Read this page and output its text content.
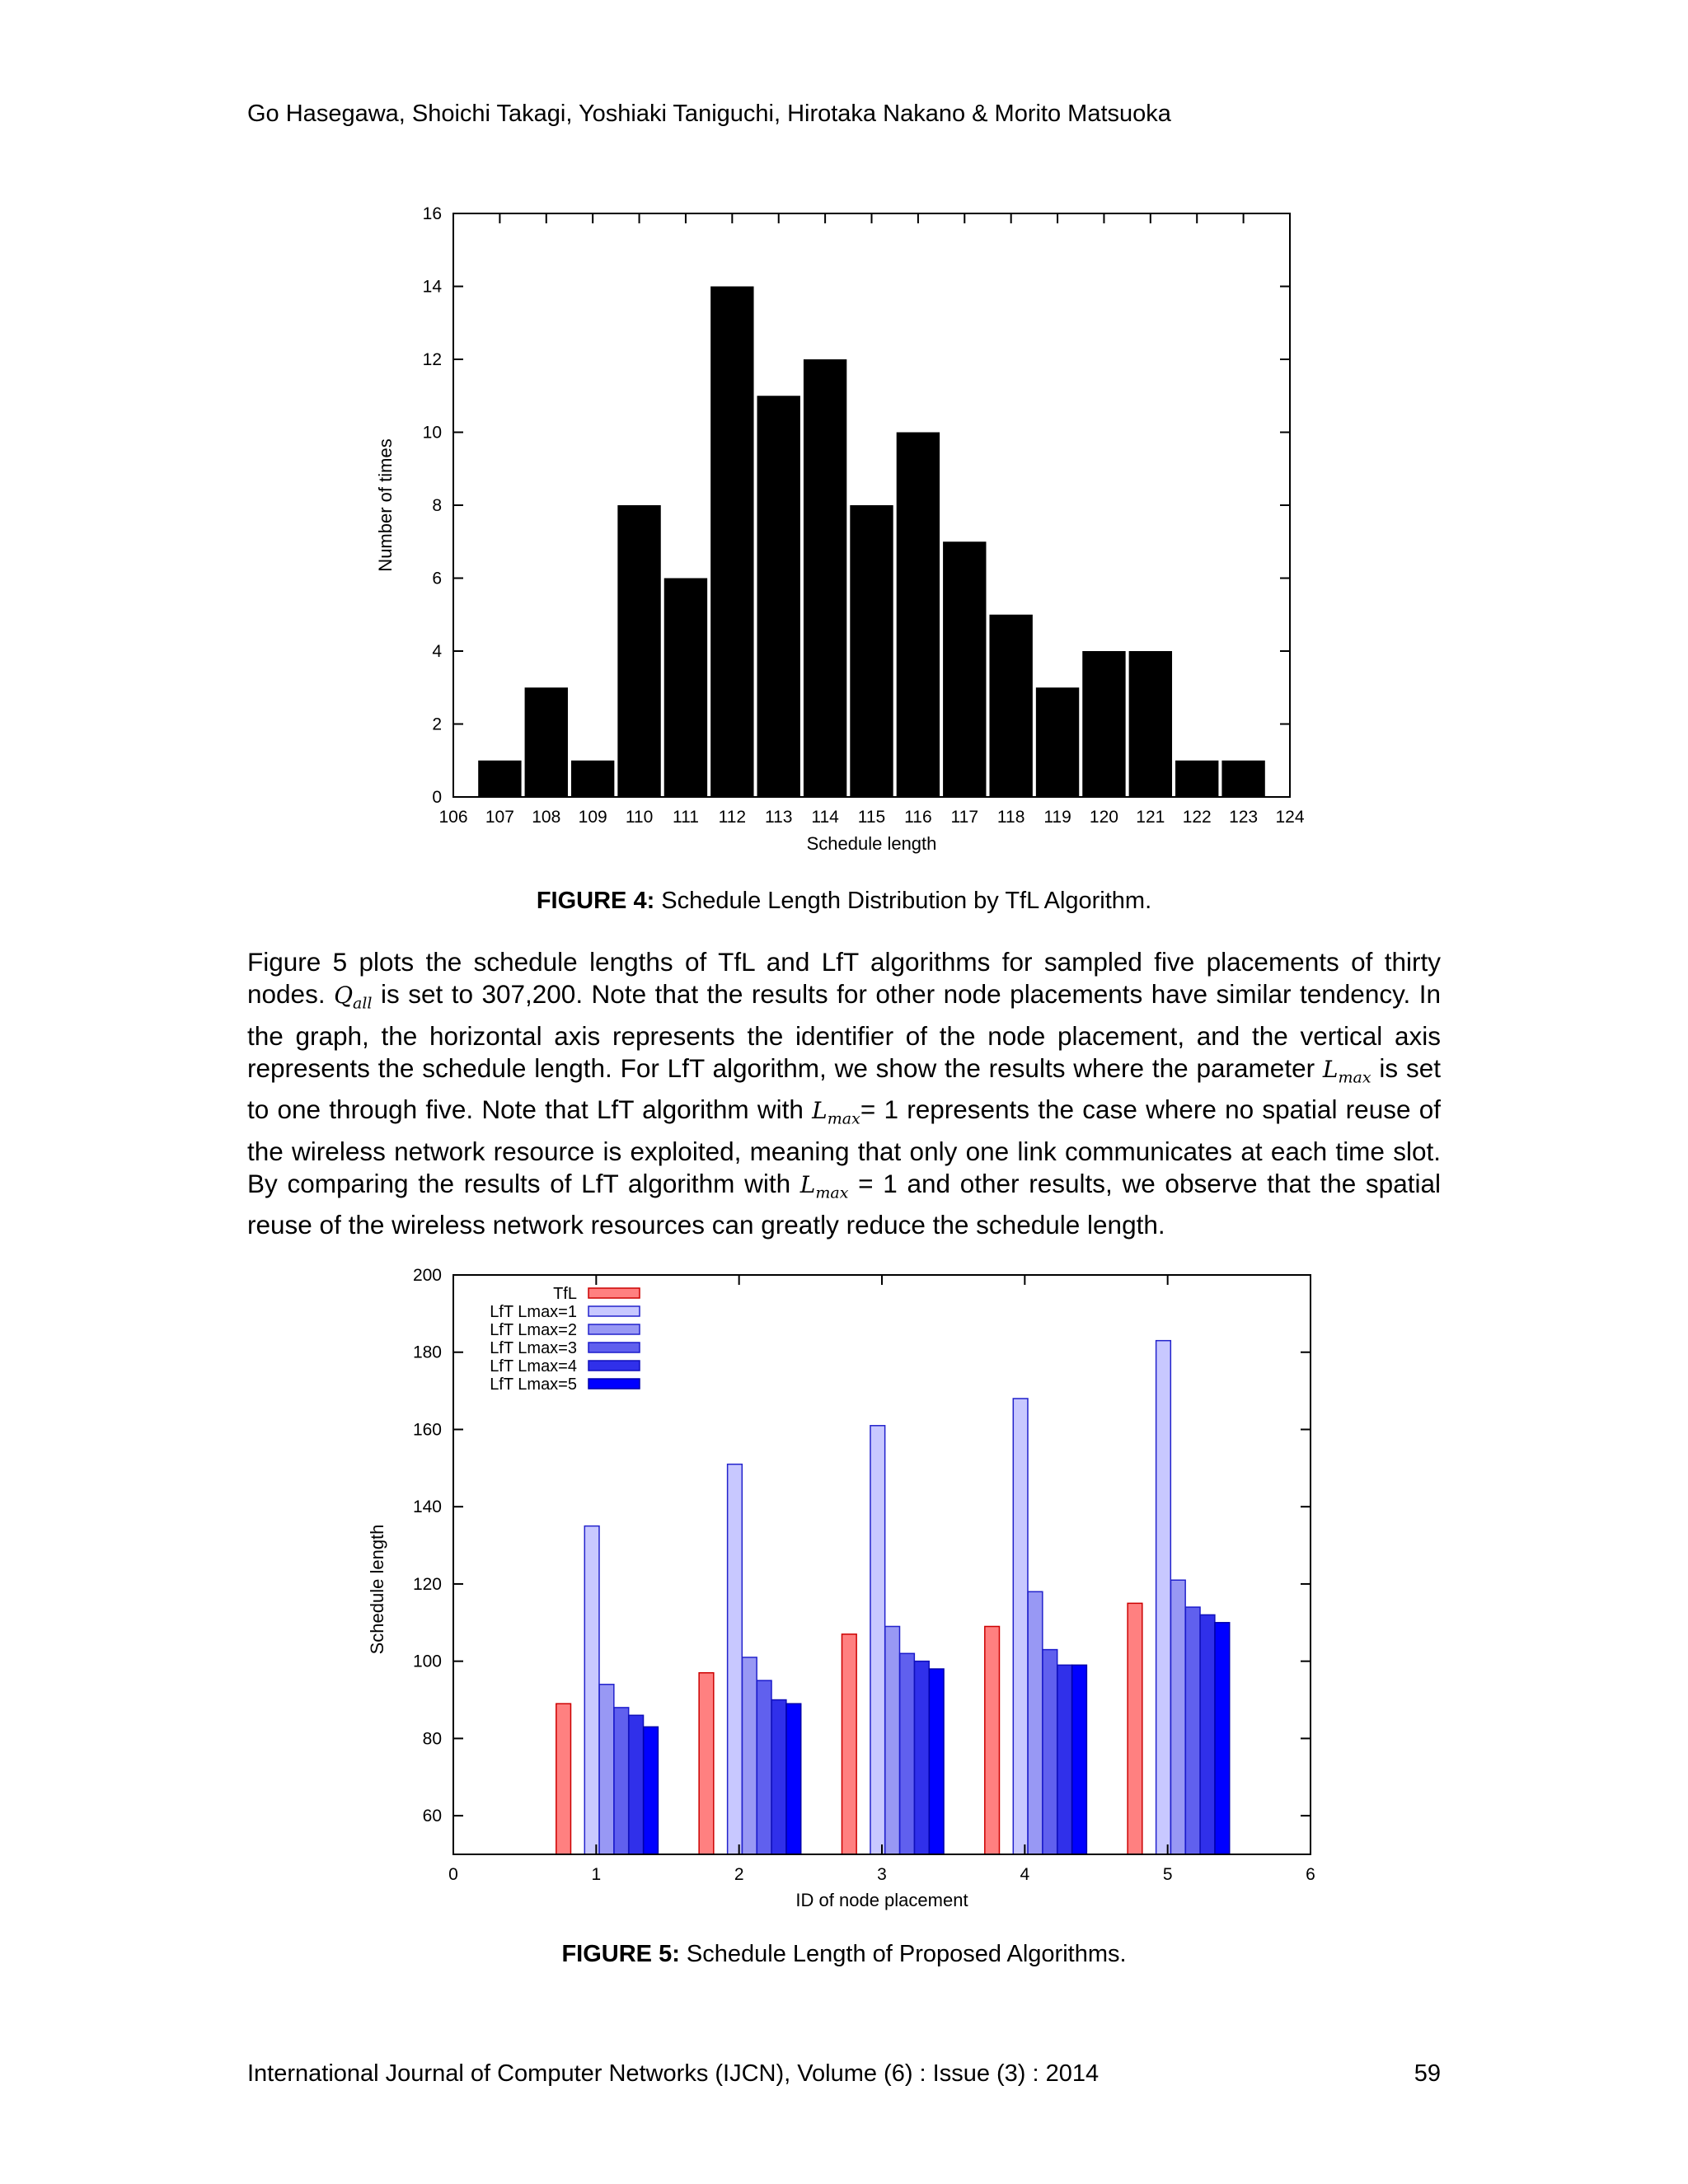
Go Hasegawa, Shoichi Takagi, Yoshiaki Taniguchi, Hirotaka Nakano & Morito Matsuoka
0
2
4
6
8
10
12
14
16
106 107 108 109 110 111 112 113 114 115 116 117 118 119 120 121 122 123 124
Schedule length
Number of times
FIGURE 4: Schedule Length Distribution by TfL Algorithm.

Figure 5 plots the schedule lengths of TfL and LfT algorithms for sampled five placements of thirty nodes. $Q_{all}$ is set to 307,200. Note that the results for other node placements have similar tendency. In the graph, the horizontal axis represents the identifier of the node placement, and the vertical axis represents the schedule length. For LfT algorithm, we show the results where the parameter $L_{max}$ is set to one through five. Note that LfT algorithm with $L_{max}= 1$ represents the case where no spatial reuse of the wireless network resource is exploited, meaning that only one link communicates at each time slot. By comparing the results of LfT algorithm with $L_{max} = 1$ and other results, we observe that the spatial reuse of the wireless network resources can greatly reduce the schedule length.

60
80
100
120
140
160
180
200
0	1	2	3	4	5	6
ID of node placement
Schedule length
TfL
LfT Lmax=1
LfT Lmax=2
LfT Lmax=3
LfT Lmax=4
LfT Lmax=5
FIGURE 5: Schedule Length of Proposed Algorithms.
International Journal of Computer Networks (IJCN), Volume (6) : Issue (3) : 2014	59
